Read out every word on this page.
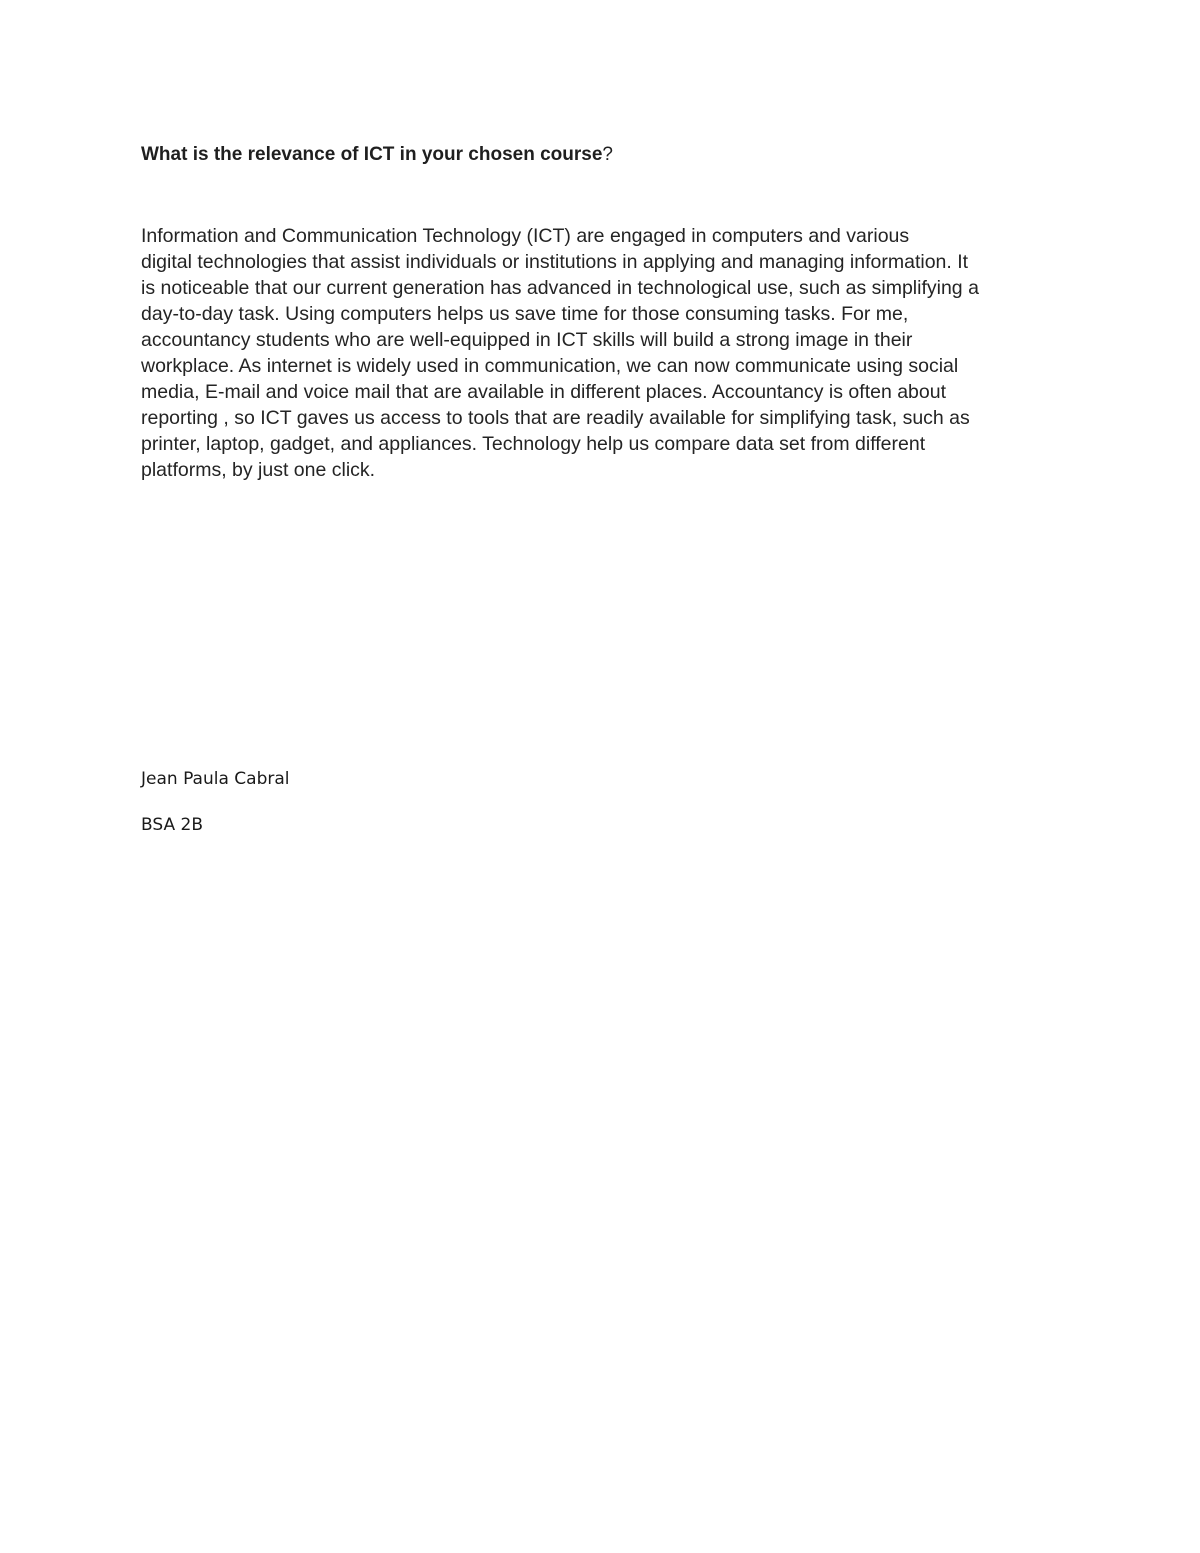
What is the relevance of ICT in your chosen course?

Information and Communication Technology (ICT) are engaged in computers and various
digital technologies that assist individuals or institutions in applying and managing information. It
is noticeable that our current generation has advanced in technological use, such as simplifying a
day-to-day task. Using computers helps us save time for those consuming tasks. For me,
accountancy students who are well-equipped in ICT skills will build a strong image in their
workplace. As internet is widely used in communication, we can now communicate using social
media, E-mail and voice mail that are available in different places. Accountancy is often about
reporting , so ICT gaves us access to tools that are readily available for simplifying task, such as
printer, laptop, gadget, and appliances. Technology help us compare data set from different
platforms, by just one click.

Jean Paula Cabral

BSA 2B
